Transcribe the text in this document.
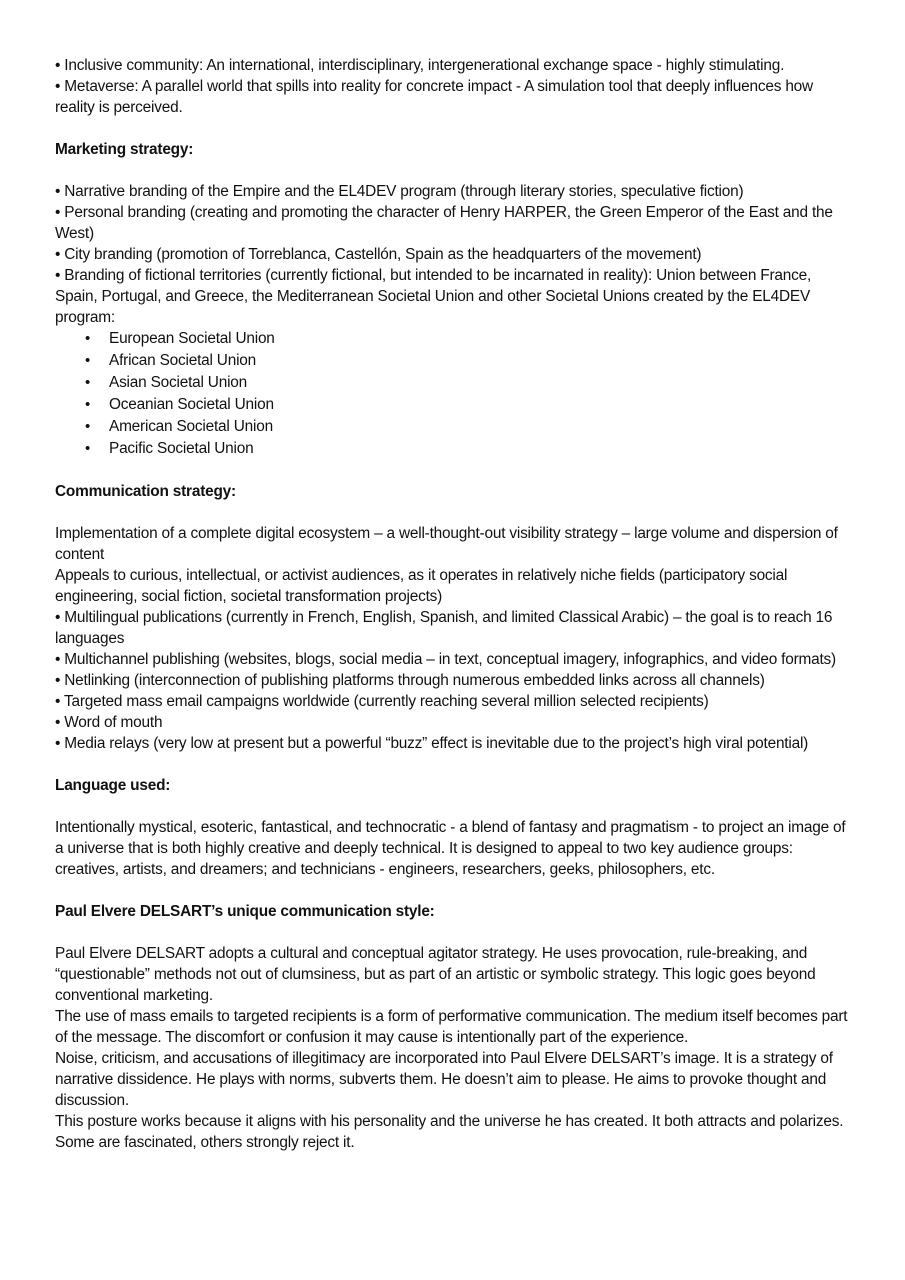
• Inclusive community: An international, interdisciplinary, intergenerational exchange space - highly stimulating.

• Metaverse: A parallel world that spills into reality for concrete impact - A simulation tool that deeply influences how reality is perceived.

Marketing strategy:

• Narrative branding of the Empire and the EL4DEV program (through literary stories, speculative fiction)

• Personal branding (creating and promoting the character of Henry HARPER, the Green Emperor of the East and the West)

• City branding (promotion of Torreblanca, Castellón, Spain as the headquarters of the movement)

• Branding of fictional territories (currently fictional, but intended to be incarnated in reality): Union between France, Spain, Portugal, and Greece, the Mediterranean Societal Union and other Societal Unions created by the EL4DEV program:

• European Societal Union
• African Societal Union
• Asian Societal Union
• Oceanian Societal Union
• American Societal Union
• Pacific Societal Union

Communication strategy:

Implementation of a complete digital ecosystem – a well-thought-out visibility strategy – large volume and dispersion of content

Appeals to curious, intellectual, or activist audiences, as it operates in relatively niche fields (participatory social engineering, social fiction, societal transformation projects)

• Multilingual publications (currently in French, English, Spanish, and limited Classical Arabic) – the goal is to reach 16 languages

• Multichannel publishing (websites, blogs, social media – in text, conceptual imagery, infographics, and video formats)

• Netlinking (interconnection of publishing platforms through numerous embedded links across all channels)

• Targeted mass email campaigns worldwide (currently reaching several million selected recipients)

• Word of mouth

• Media relays (very low at present but a powerful “buzz” effect is inevitable due to the project’s high viral potential)

Language used:

Intentionally mystical, esoteric, fantastical, and technocratic - a blend of fantasy and pragmatism - to project an image of a universe that is both highly creative and deeply technical. It is designed to appeal to two key audience groups: creatives, artists, and dreamers; and technicians - engineers, researchers, geeks, philosophers, etc.

Paul Elvere DELSART’s unique communication style:

Paul Elvere DELSART adopts a cultural and conceptual agitator strategy. He uses provocation, rule-breaking, and “questionable” methods not out of clumsiness, but as part of an artistic or symbolic strategy. This logic goes beyond conventional marketing.

The use of mass emails to targeted recipients is a form of performative communication. The medium itself becomes part of the message. The discomfort or confusion it may cause is intentionally part of the experience.

Noise, criticism, and accusations of illegitimacy are incorporated into Paul Elvere DELSART’s image. It is a strategy of narrative dissidence. He plays with norms, subverts them. He doesn’t aim to please. He aims to provoke thought and discussion.

This posture works because it aligns with his personality and the universe he has created. It both attracts and polarizes. Some are fascinated, others strongly reject it.
